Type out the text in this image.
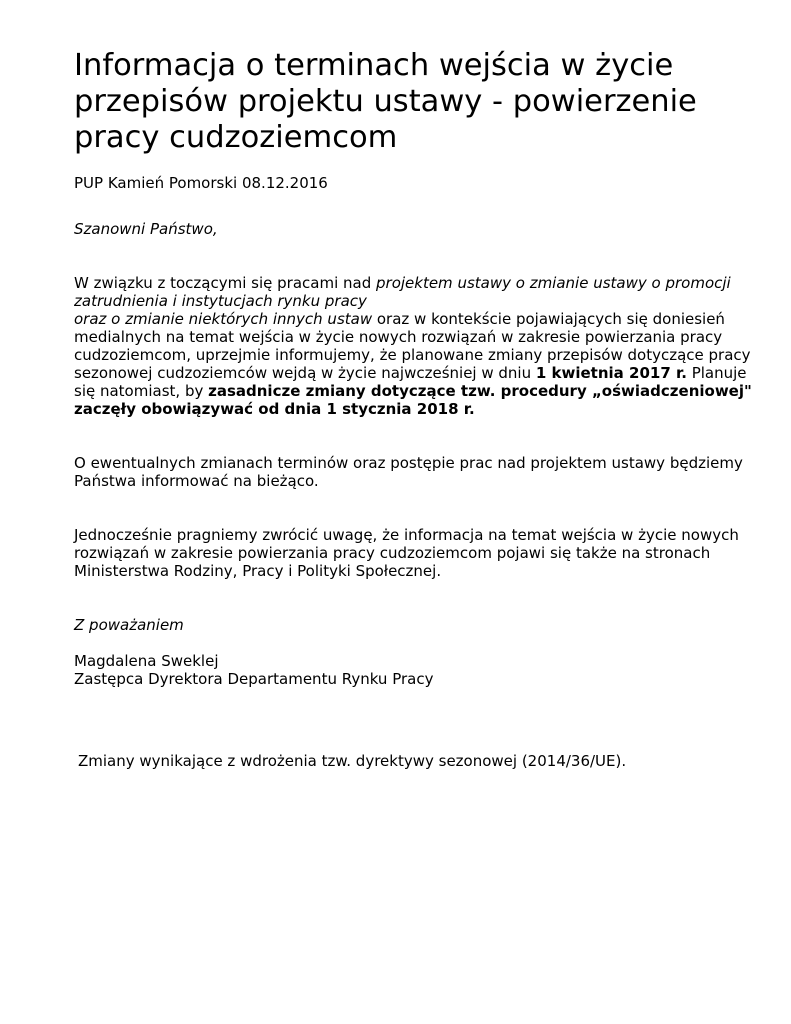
Informacja o terminach wejścia w życie przepisów projektu ustawy - powierzenie pracy cudzoziemcom

PUP Kamień Pomorski 08.12.2016

Szanowni Państwo,

W związku z toczącymi się pracami nad projektem ustawy o zmianie ustawy o promocji zatrudnienia i instytucjach rynku pracy
oraz o zmianie niektórych innych ustaw oraz w kontekście pojawiających się doniesień medialnych na temat wejścia w życie nowych rozwiązań w zakresie powierzania pracy cudzoziemcom, uprzejmie informujemy, że planowane zmiany przepisów dotyczące pracy sezonowej cudzoziemców wejdą w życie najwcześniej w dniu 1 kwietnia 2017 r. Planuje się natomiast, by zasadnicze zmiany dotyczące tzw. procedury „oświadczeniowej" zaczęły obowiązywać od dnia 1 stycznia 2018 r.

O ewentualnych zmianach terminów oraz postępie prac nad projektem ustawy będziemy
Państwa informować na bieżąco.

Jednocześnie pragniemy zwrócić uwagę, że informacja na temat wejścia w życie nowych rozwiązań w zakresie powierzania pracy cudzoziemcom pojawi się także na stronach Ministerstwa Rodziny, Pracy i Polityki Społecznej.

Z poważaniem

Magdalena Sweklej
Zastępca Dyrektora Departamentu Rynku Pracy

Zmiany wynikające z wdrożenia tzw. dyrektywy sezonowej (2014/36/UE).
